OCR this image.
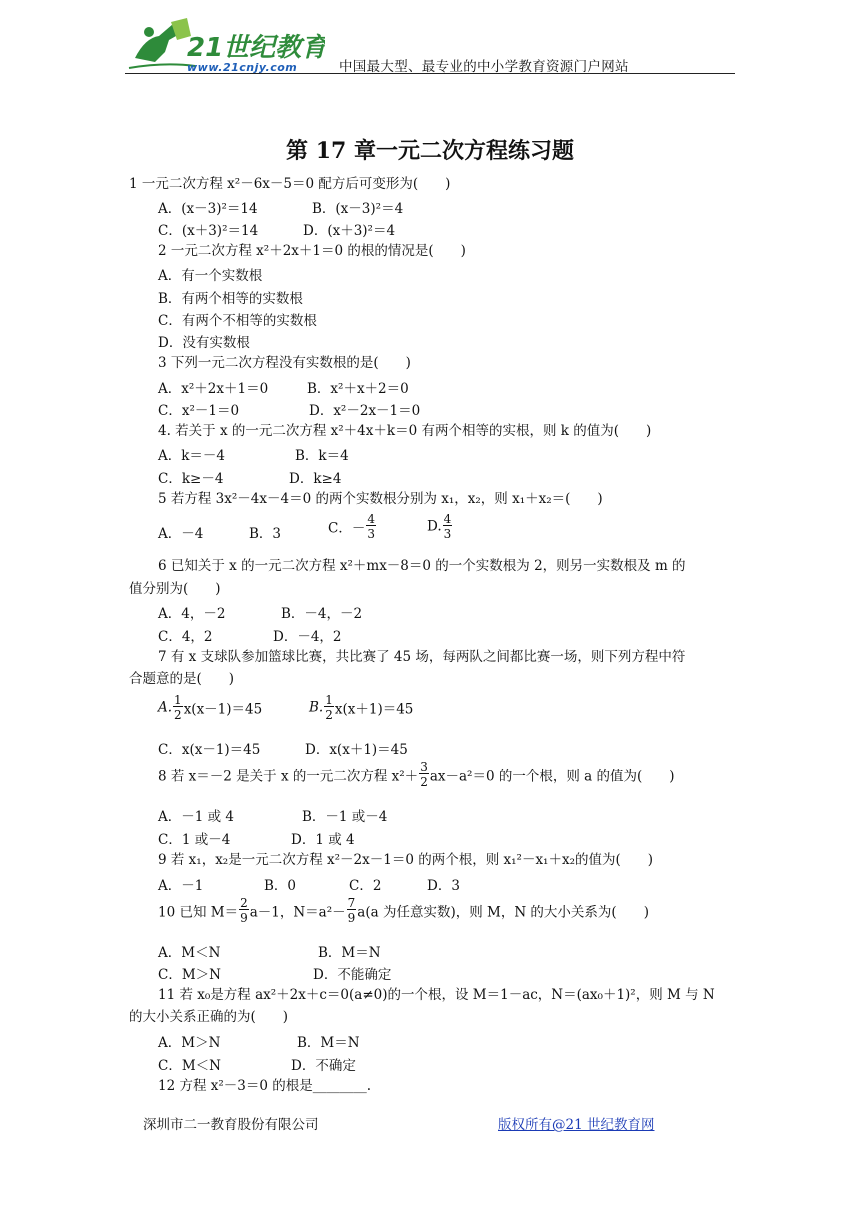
21世纪教育
www.21cnjy.com	中国最大型、最专业的中小学教育资源门户网站
第 17 章一元二次方程练习题
1 一元二次方程 x²－6x－5＝0 配方后可变形为(　　)
A．(x－3)²＝14	B．(x－3)²＝4
C．(x＋3)²＝14	D．(x＋3)²＝4
2 一元二次方程 x²＋2x＋1＝0 的根的情况是(　　)
A．有一个实数根
B．有两个相等的实数根
C．有两个不相等的实数根
D．没有实数根
3 下列一元二次方程没有实数根的是(　　)
A．x²＋2x＋1＝0	B．x²＋x＋2＝0
C．x²－1＝0	D．x²－2x－1＝0
4. 若关于 x 的一元二次方程 x²＋4x＋k＝0 有两个相等的实根，则 k 的值为(　　)
A．k＝－4	B．k＝4
C．k≥－4	D．k≥4
5 若方程 3x²－4x－4＝0 的两个实数根分别为 x₁，x₂，则 x₁＋x₂＝(　　)
A．－4	B．3	C．－ $\frac{4}{3}$	D. $\frac{4}{3}$
6 已知关于 x 的一元二次方程 x²＋mx－8＝0 的一个实数根为 2，则另一实数根及 m 的
值分别为(　　)
A．4，－2	B．－4，－2
C．4，2	D．－4，2
7 有 x 支球队参加篮球比赛，共比赛了 45 场，每两队之间都比赛一场，则下列方程中符
合题意的是(　　)
A. $\frac{1}{2} x(x-1)=45$	B. $\frac{1}{2} x(x+1)=45$
C．x(x－1)＝45	D．x(x＋1)＝45
8 若 x＝－2 是关于 x 的一元二次方程 $x^2+ \frac{3}{2} ax-a^2=0$ 的一个根，则 a 的值为(　　)
A．－1 或 4	B．－1 或－4
C．1 或－4	D．1 或 4
9 若 x₁，x₂是一元二次方程 x²－2x－1＝0 的两个根，则 x₁²－x₁＋x₂的值为(　　)
A．－1	B．0	C．2	D．3
10 已知 $M= \frac{2}{9} a-1$，$N=a^2- \frac{7}{9} a(a$ 为任意实数)，则 M，N 的大小关系为(　　)
A．M＜N	B．M＝N
C．M＞N	D．不能确定
11 若 x₀是方程 ax²＋2x＋c＝0(a≠0)的一个根，设 M＝1－ac，N＝(ax₀＋1)²，则 M 与 N
的大小关系正确的为(　　)
A．M＞N	B．M＝N
C．M＜N	D．不确定
12 方程 x²－3＝0 的根是________.
深圳市二一教育股份有限公司	版权所有@21 世纪教育网
